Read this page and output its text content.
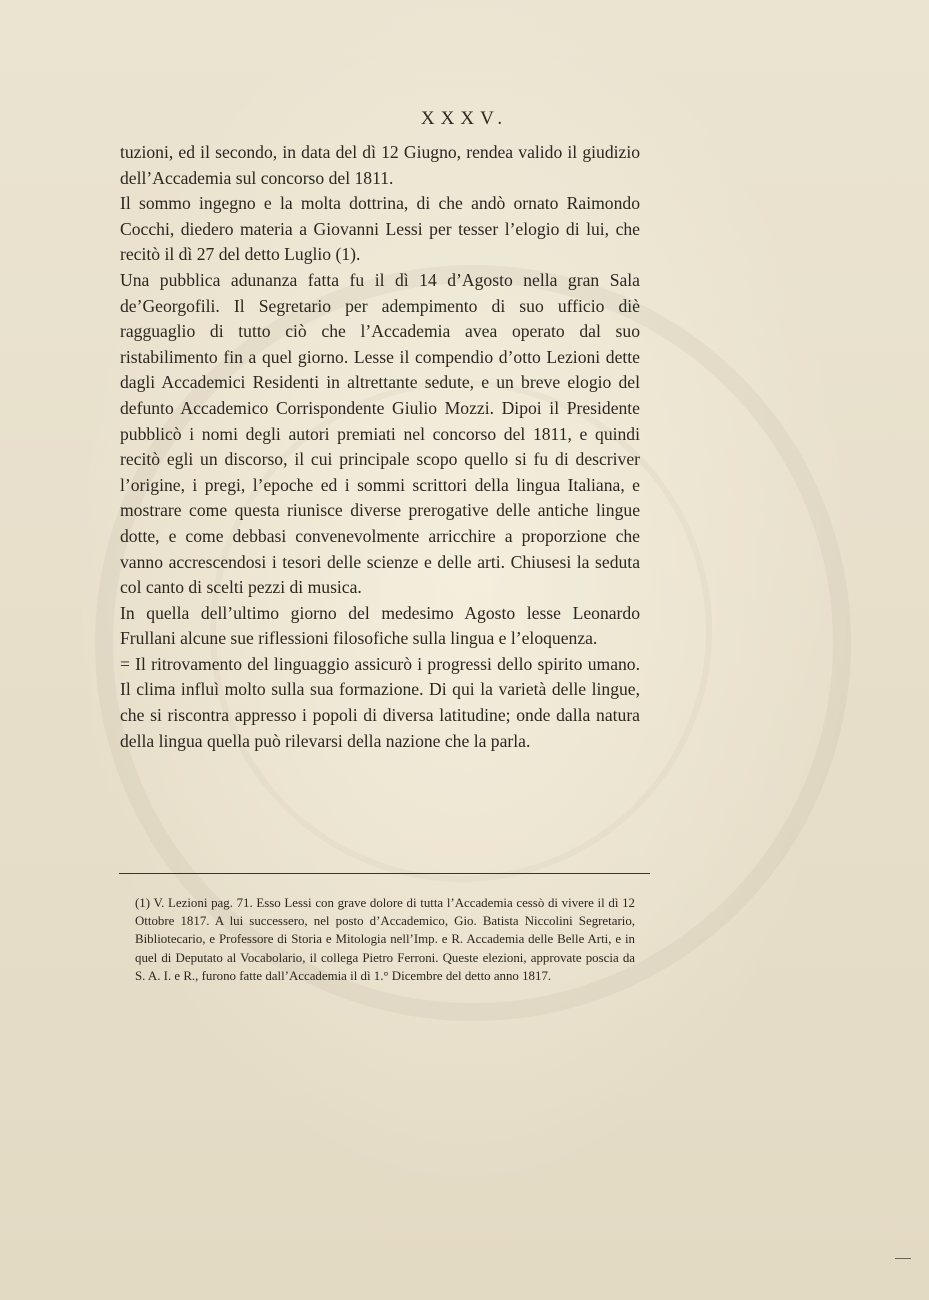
XXXV.

tuzioni, ed il secondo, in data del dì 12 Giugno, rendea valido il giudizio dell’Accademia sul concorso del 1811.

Il sommo ingegno e la molta dottrina, di che andò ornato Raimondo Cocchi, diedero materia a Giovanni Lessi per tesser l’elogio di lui, che recitò il dì 27 del detto Luglio (1).

Una pubblica adunanza fatta fu il dì 14 d’Agosto nella gran Sala de’Georgofili. Il Segretario per adempimento di suo ufficio diè ragguaglio di tutto ciò che l’Accademia avea operato dal suo ristabilimento fin a quel giorno. Lesse il compendio d’otto Lezioni dette dagli Accademici Residenti in altrettante sedute, e un breve elogio del defunto Accademico Corrispondente Giulio Mozzi. Dipoi il Presidente pubblicò i nomi degli autori premiati nel concorso del 1811, e quindi recitò egli un discorso, il cui principale scopo quello si fu di descriver l’origine, i pregi, l’epoche ed i sommi scrittori della lingua Italiana, e mostrare come questa riunisce diverse prerogative delle antiche lingue dotte, e come debbasi convenevolmente arricchire a proporzione che vanno accrescendosi i tesori delle scienze e delle arti. Chiusesi la seduta col canto di scelti pezzi di musica.

In quella dell’ultimo giorno del medesimo Agosto lesse Leonardo Frullani alcune sue riflessioni filosofiche sulla lingua e l’eloquenza.

= Il ritrovamento del linguaggio assicurò i progressi dello spirito umano. Il clima influì molto sulla sua formazione. Di qui la varietà delle lingue, che si riscontra appresso i popoli di diversa latitudine; onde dalla natura della lingua quella può rilevarsi della nazione che la parla.

(1) V. Lezioni pag. 71. Esso Lessi con grave dolore di tutta l’Accademia cessò di vivere il dì 12 Ottobre 1817. A lui successero, nel posto d’Accademico, Gio. Batista Niccolini Segretario, Bibliotecario, e Professore di Storia e Mitologia nell’Imp. e R. Accademia delle Belle Arti, e in quel di Deputato al Vocabolario, il collega Pietro Ferroni. Queste elezioni, approvate poscia da S. A. I. e R., furono fatte dall’Accademia il dì 1.° Dicembre del detto anno 1817.
